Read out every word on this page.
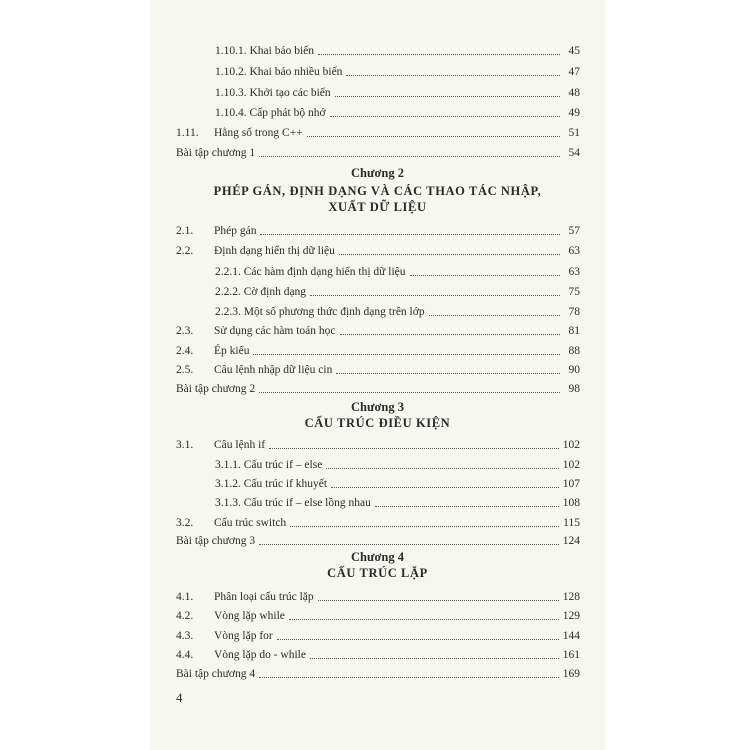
1.10.1. Khai báo biến	45
1.10.2. Khai báo nhiều biến	47
1.10.3. Khởi tạo các biến	48
1.10.4. Cấp phát bộ nhớ	49
1.11.	Hằng số trong C++	51
Bài tập chương 1	54
Chương 2
PHÉP GÁN, ĐỊNH DẠNG VÀ CÁC THAO TÁC NHẬP,
XUẤT DỮ LIỆU
2.1.	Phép gán	57
2.2.	Định dạng hiển thị dữ liệu	63
2.2.1. Các hàm định dạng hiển thị dữ liệu	63
2.2.2. Cờ định dạng	75
2.2.3. Một số phương thức định dạng trên lớp	78
2.3.	Sử dụng các hàm toán học	81
2.4.	Ép kiểu	88
2.5.	Câu lệnh nhập dữ liệu cin	90
Bài tập chương 2	98
Chương 3
CẤU TRÚC ĐIỀU KIỆN
3.1.	Câu lệnh if	102
3.1.1. Cấu trúc if – else	102
3.1.2. Cấu trúc if khuyết	107
3.1.3. Cấu trúc if – else lồng nhau	108
3.2.	Cấu trúc switch	115
Bài tập chương 3	124
Chương 4
CẤU TRÚC LẶP
4.1.	Phân loại cấu trúc lặp	128
4.2.	Vòng lặp while	129
4.3.	Vòng lặp for	144
4.4.	Vòng lặp do - while	161
Bài tập chương 4	169
4
